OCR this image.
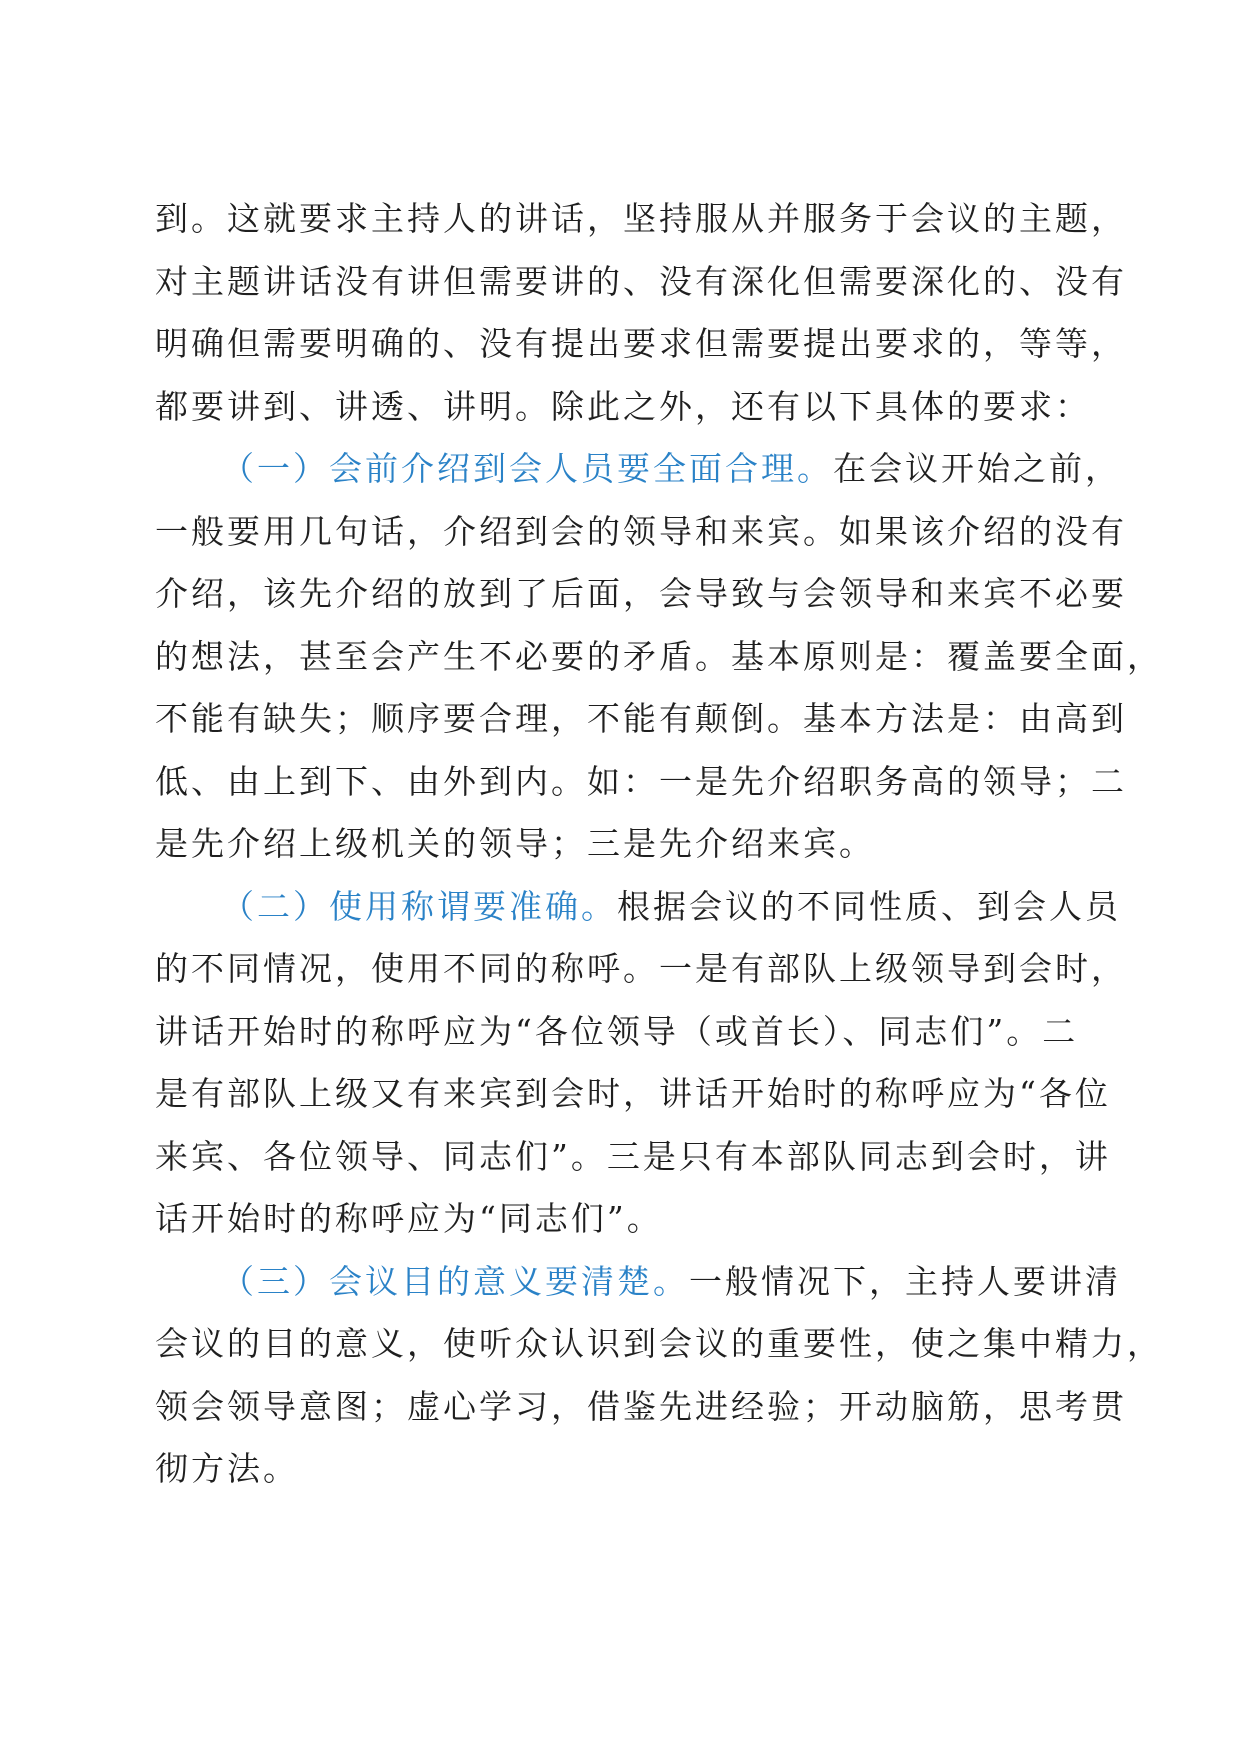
到。这就要求主持人的讲话，坚持服从并服务于会议的主题，
对主题讲话没有讲但需要讲的、没有深化但需要深化的、没有
明确但需要明确的、没有提出要求但需要提出要求的，等等，
都要讲到、讲透、讲明。除此之外，还有以下具体的要求：
（一）会前介绍到会人员要全面合理。在会议开始之前，
一般要用几句话，介绍到会的领导和来宾。如果该介绍的没有
介绍，该先介绍的放到了后面，会导致与会领导和来宾不必要
的想法，甚至会产生不必要的矛盾。基本原则是：覆盖要全面，
不能有缺失；顺序要合理，不能有颠倒。基本方法是：由高到
低、由上到下、由外到内。如：一是先介绍职务高的领导；二
是先介绍上级机关的领导；三是先介绍来宾。
（二）使用称谓要准确。根据会议的不同性质、到会人员
的不同情况，使用不同的称呼。一是有部队上级领导到会时，
讲话开始时的称呼应为“各位领导（或首长）、同志们”。二
是有部队上级又有来宾到会时，讲话开始时的称呼应为“各位
来宾、各位领导、同志们”。三是只有本部队同志到会时，讲
话开始时的称呼应为“同志们”。
（三）会议目的意义要清楚。一般情况下，主持人要讲清
会议的目的意义，使听众认识到会议的重要性，使之集中精力，
领会领导意图；虚心学习，借鉴先进经验；开动脑筋，思考贯
彻方法。
